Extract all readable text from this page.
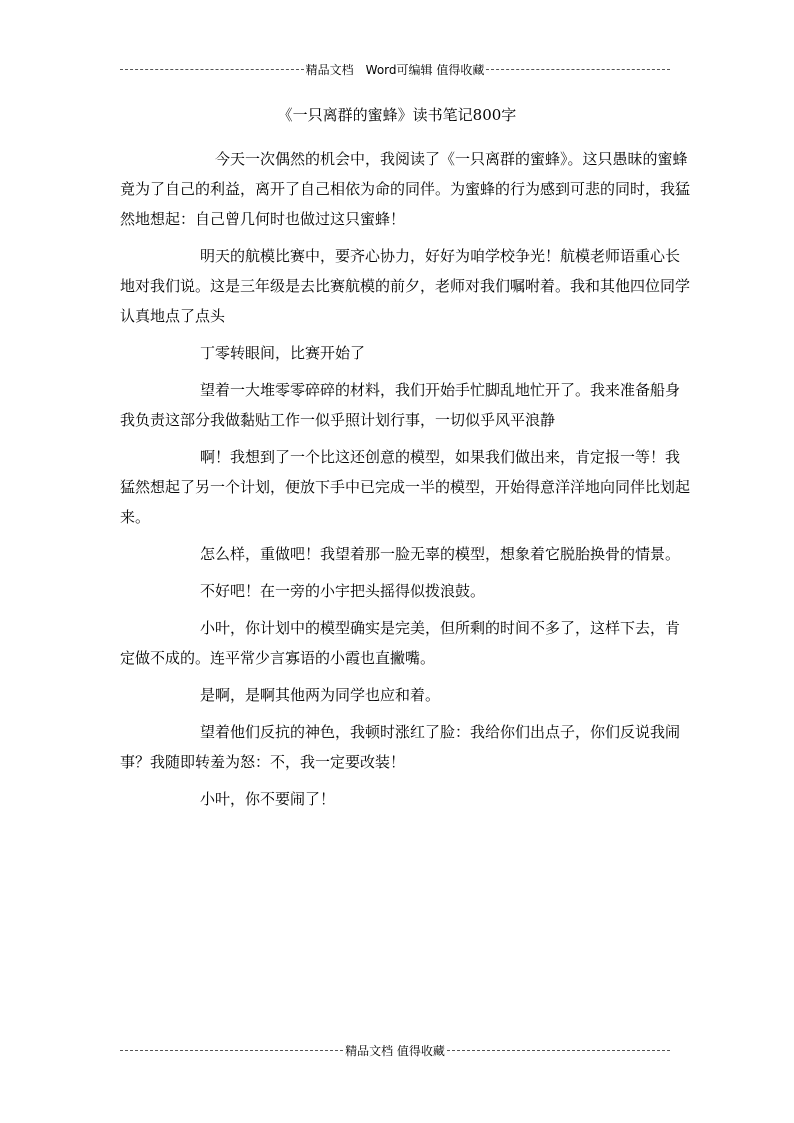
精品文档　Word可编辑 值得收藏
《一只离群的蜜蜂》读书笔记800字

今天一次偶然的机会中，我阅读了《一只离群的蜜蜂》。这只愚昧的蜜蜂竟为了自己的利益，离开了自己相依为命的同伴。为蜜蜂的行为感到可悲的同时，我猛然地想起：自己曾几何时也做过这只蜜蜂！

明天的航模比赛中，要齐心协力，好好为咱学校争光！航模老师语重心长地对我们说。这是三年级是去比赛航模的前夕，老师对我们嘱咐着。我和其他四位同学认真地点了点头

丁零转眼间，比赛开始了

望着一大堆零零碎碎的材料，我们开始手忙脚乱地忙开了。我来准备船身我负责这部分我做黏贴工作一似乎照计划行事，一切似乎风平浪静

啊！我想到了一个比这还创意的模型，如果我们做出来，肯定报一等！我猛然想起了另一个计划，便放下手中已完成一半的模型，开始得意洋洋地向同伴比划起来。

怎么样，重做吧！我望着那一脸无辜的模型，想象着它脱胎换骨的情景。

不好吧！在一旁的小宇把头摇得似拨浪鼓。

小叶，你计划中的模型确实是完美，但所剩的时间不多了，这样下去，肯定做不成的。连平常少言寡语的小霞也直撇嘴。

是啊，是啊其他两为同学也应和着。

望着他们反抗的神色，我顿时涨红了脸：我给你们出点子，你们反说我闹事？我随即转羞为怒：不，我一定要改装！

小叶，你不要闹了！

精品文档 值得收藏
